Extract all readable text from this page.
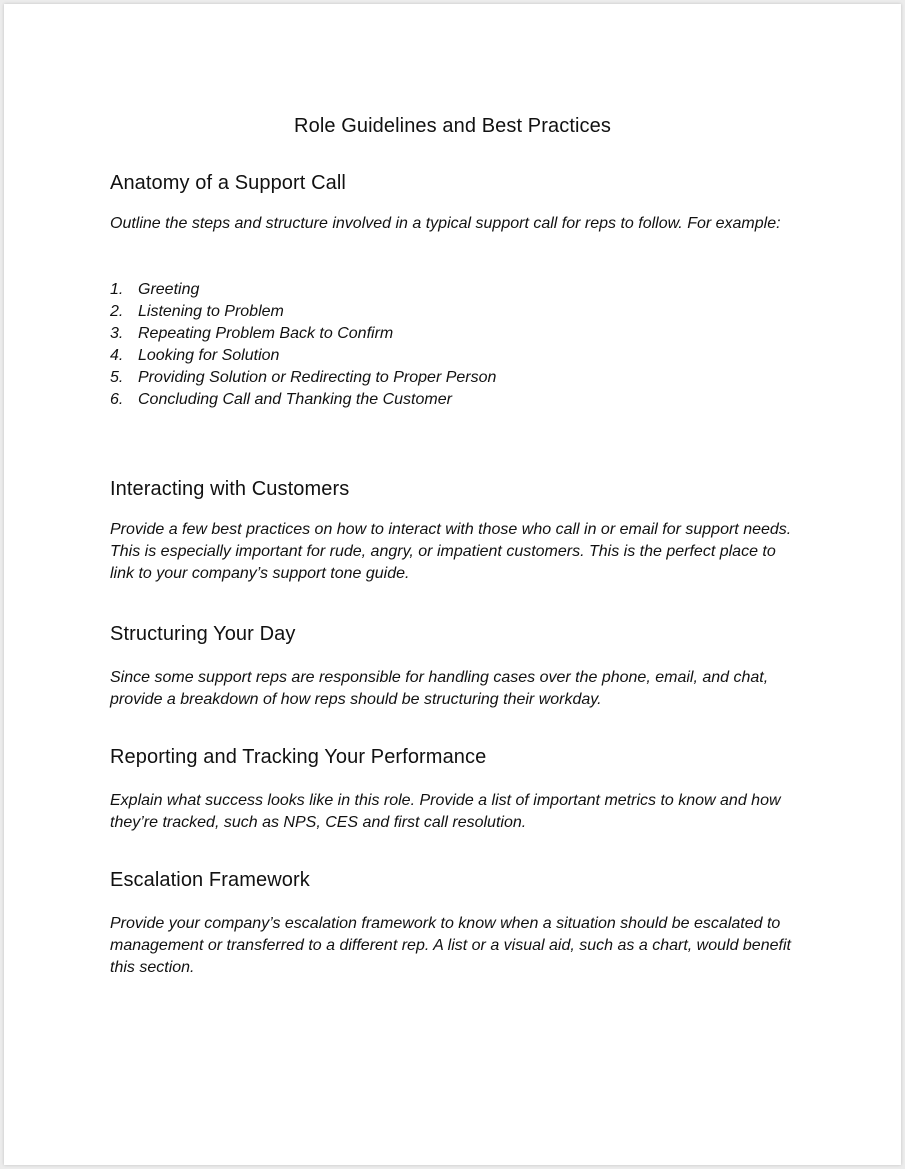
Role Guidelines and Best Practices
Anatomy of a Support Call

Outline the steps and structure involved in a typical support call for reps to follow. For example:

1. Greeting
2. Listening to Problem
3. Repeating Problem Back to Confirm
4. Looking for Solution
5. Providing Solution or Redirecting to Proper Person
6. Concluding Call and Thanking the Customer
Interacting with Customers

Provide a few best practices on how to interact with those who call in or email for support needs. This is especially important for rude, angry, or impatient customers. This is the perfect place to link to your company’s support tone guide.

Structuring Your Day

Since some support reps are responsible for handling cases over the phone, email, and chat, provide a breakdown of how reps should be structuring their workday.

Reporting and Tracking Your Performance

Explain what success looks like in this role. Provide a list of important metrics to know and how they’re tracked, such as NPS, CES and first call resolution.

Escalation Framework

Provide your company’s escalation framework to know when a situation should be escalated to management or transferred to a different rep. A list or a visual aid, such as a chart, would benefit this section.
